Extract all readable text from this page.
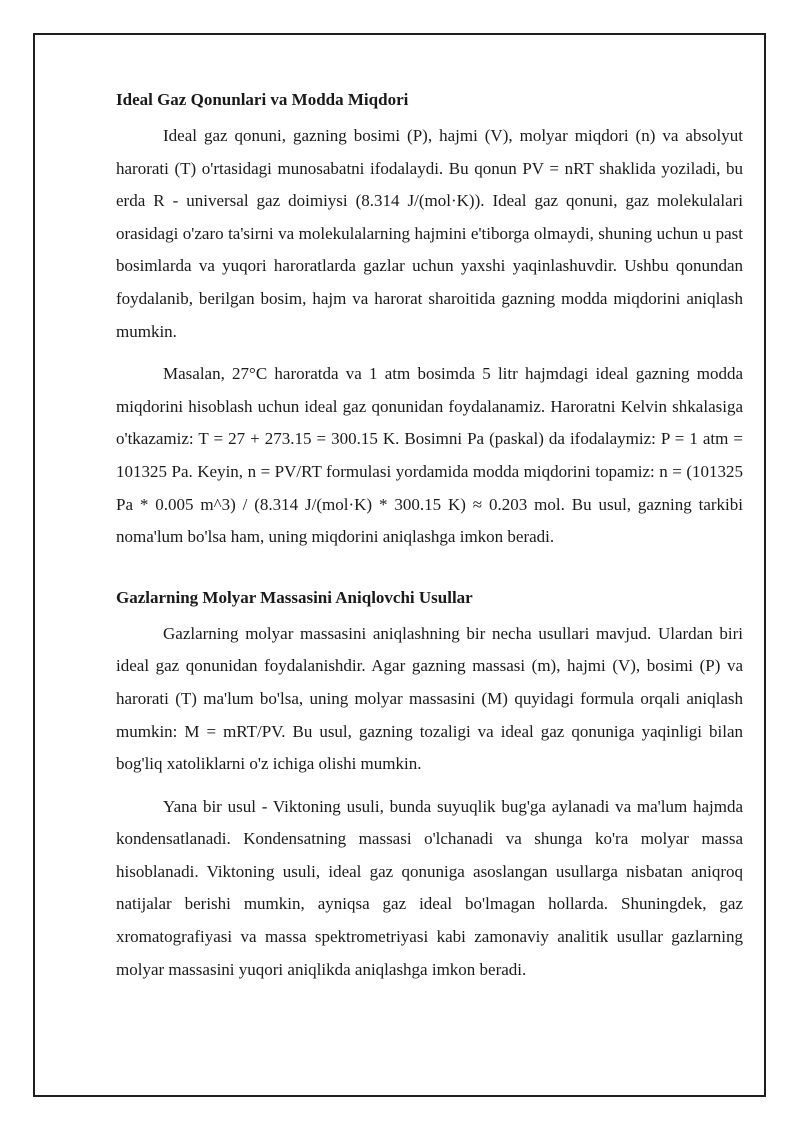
Ideal Gaz Qonunlari va Modda Miqdori

Ideal gaz qonuni, gazning bosimi (P), hajmi (V), molyar miqdori (n) va absolyut harorati (T) o'rtasidagi munosabatni ifodalaydi. Bu qonun PV = nRT shaklida yoziladi, bu erda R - universal gaz doimiysi (8.314 J/(mol·K)). Ideal gaz qonuni, gaz molekulalari orasidagi o'zaro ta'sirni va molekulalarning hajmini e'tiborga olmaydi, shuning uchun u past bosimlarda va yuqori haroratlarda gazlar uchun yaxshi yaqinlashuvdir. Ushbu qonundan foydalanib, berilgan bosim, hajm va harorat sharoitida gazning modda miqdorini aniqlash mumkin.

Masalan, 27°C haroratda va 1 atm bosimda 5 litr hajmdagi ideal gazning modda miqdorini hisoblash uchun ideal gaz qonunidan foydalanamiz. Haroratni Kelvin shkalasiga o'tkazamiz: T = 27 + 273.15 = 300.15 K. Bosimni Pa (paskal) da ifodalaymiz: P = 1 atm = 101325 Pa. Keyin, n = PV/RT formulasi yordamida modda miqdorini topamiz: n = (101325 Pa * 0.005 m^3) / (8.314 J/(mol·K) * 300.15 K) ≈ 0.203 mol. Bu usul, gazning tarkibi noma'lum bo'lsa ham, uning miqdorini aniqlashga imkon beradi.

Gazlarning Molyar Massasini Aniqlovchi Usullar

Gazlarning molyar massasini aniqlashning bir necha usullari mavjud. Ulardan biri ideal gaz qonunidan foydalanishdir. Agar gazning massasi (m), hajmi (V), bosimi (P) va harorati (T) ma'lum bo'lsa, uning molyar massasini (M) quyidagi formula orqali aniqlash mumkin: M = mRT/PV. Bu usul, gazning tozaligi va ideal gaz qonuniga yaqinligi bilan bog'liq xatoliklarni o'z ichiga olishi mumkin.

Yana bir usul - Viktoning usuli, bunda suyuqlik bug'ga aylanadi va ma'lum hajmda kondensatlanadi. Kondensatning massasi o'lchanadi va shunga ko'ra molyar massa hisoblanadi. Viktoning usuli, ideal gaz qonuniga asoslangan usullarga nisbatan aniqroq natijalar berishi mumkin, ayniqsa gaz ideal bo'lmagan hollarda. Shuningdek, gaz xromatografiyasi va massa spektrometriyasi kabi zamonaviy analitik usullar gazlarning molyar massasini yuqori aniqlikda aniqlashga imkon beradi.
